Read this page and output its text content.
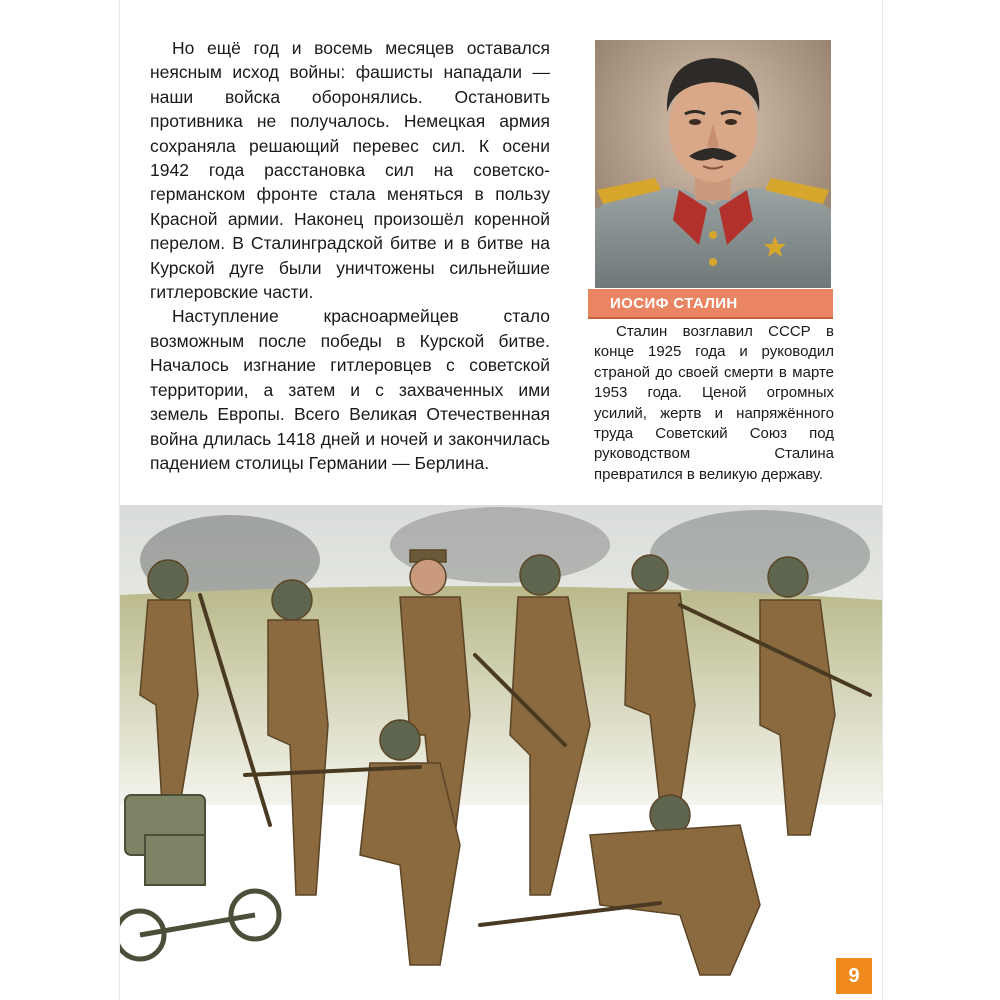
Но ещё год и восемь месяцев оставался неясным исход войны: фашисты нападали — наши войска оборонялись. Остановить противника не получалось. Немецкая армия сохраняла решающий перевес сил. К осени 1942 года расстановка сил на советско-германском фронте стала меняться в пользу Красной армии. Наконец произошёл коренной перелом. В Сталинградской битве и в битве на Курской дуге были уничтожены сильнейшие гитлеровские части.

Наступление красноармейцев стало возможным после победы в Курской битве. Началось изгнание гитлеровцев с советской территории, а затем и с захваченных ими земель Европы. Всего Великая Отечественная война длилась 1418 дней и ночей и закончилась падением столицы Германии — Берлина.

ИОСИФ СТАЛИН

Сталин возглавил СССР в конце 1925 года и руководил страной до своей смерти в марте 1953 года. Ценой огромных усилий, жертв и напряжённого труда Советский Союз под руководством Сталина превратился в великую державу.

9
